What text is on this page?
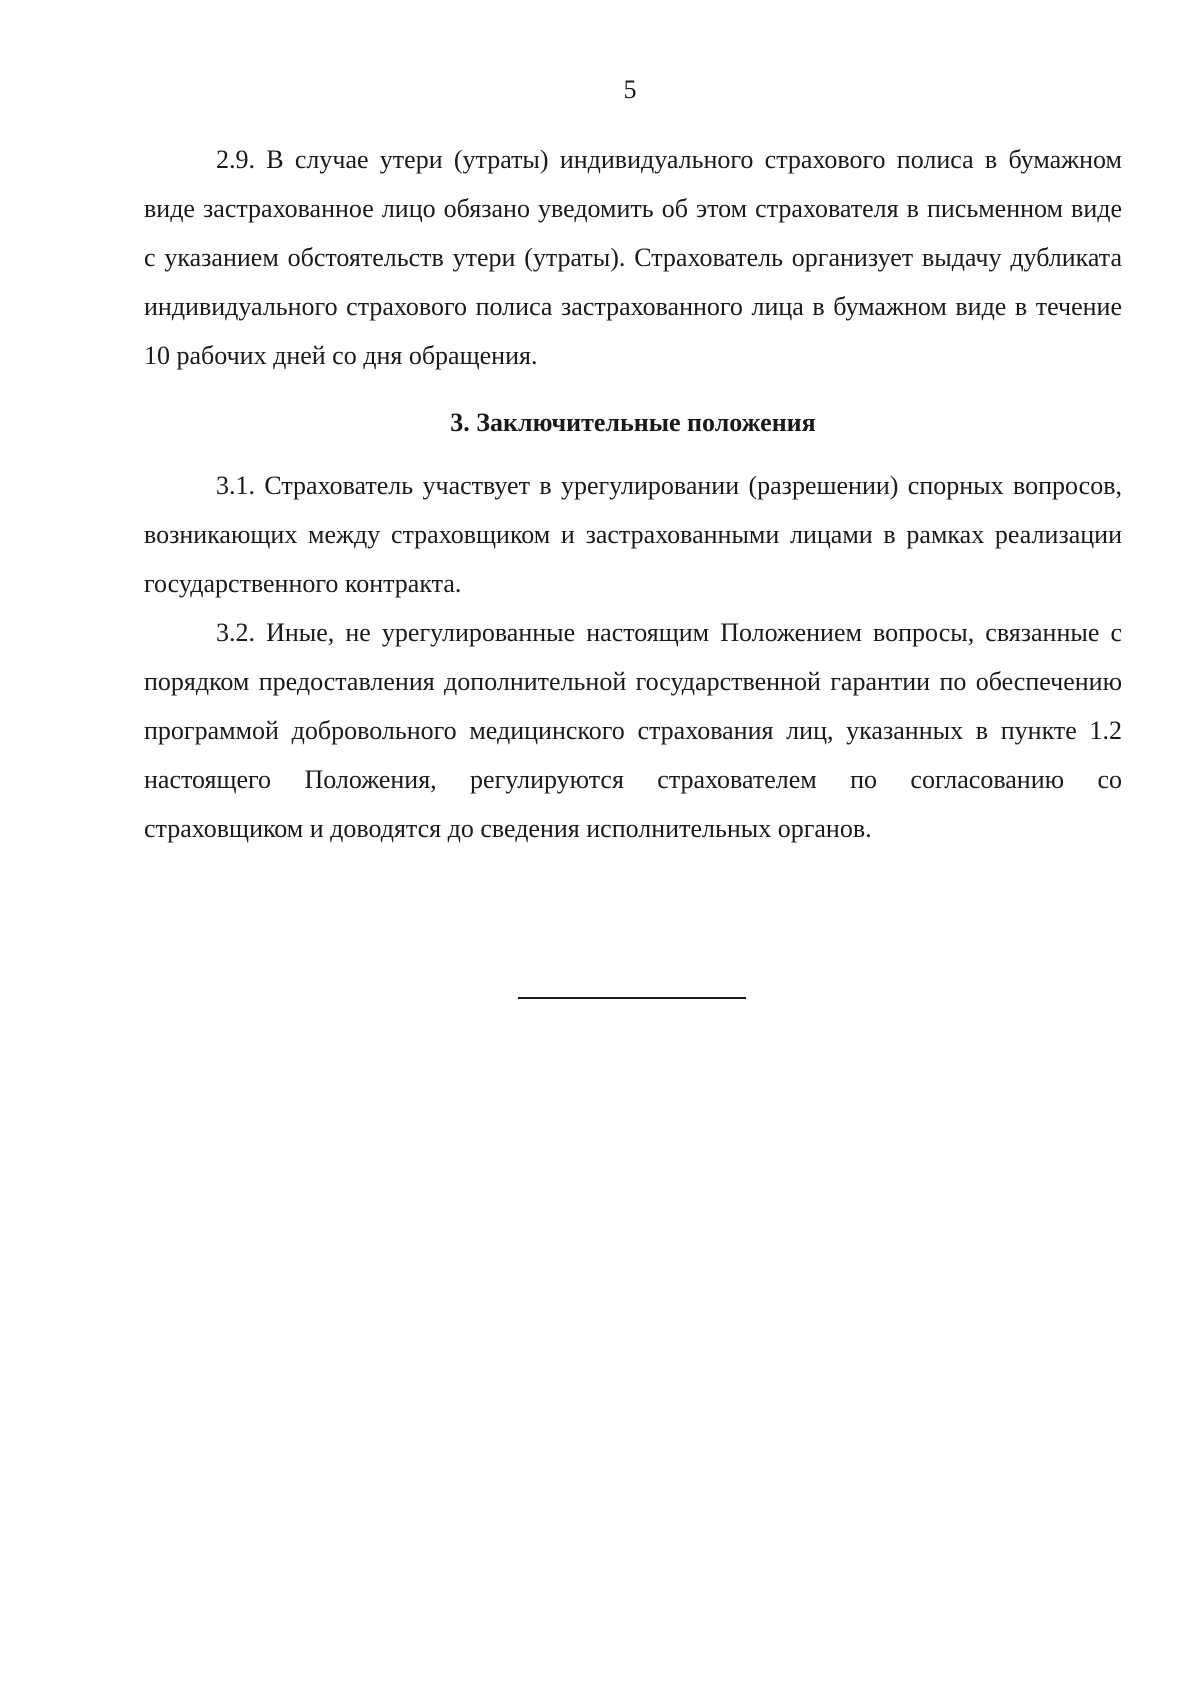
5

2.9. В случае утери (утраты) индивидуального страхового полиса в бумажном виде застрахованное лицо обязано уведомить об этом страхователя в письменном виде с указанием обстоятельств утери (утраты). Страхователь организует выдачу дубликата индивидуального страхового полиса застрахованного лица в бумажном виде в течение 10 рабочих дней со дня обращения.

3. Заключительные положения

3.1. Страхователь участвует в урегулировании (разрешении) спорных вопросов, возникающих между страховщиком и застрахованными лицами в рамках реализации государственного контракта.

3.2. Иные, не урегулированные настоящим Положением вопросы, связанные с порядком предоставления дополнительной государственной гарантии по обеспечению программой добровольного медицинского страхования лиц, указанных в пункте 1.2 настоящего Положения, регулируются страхователем по согласованию со страховщиком и доводятся до сведения исполнительных органов.
